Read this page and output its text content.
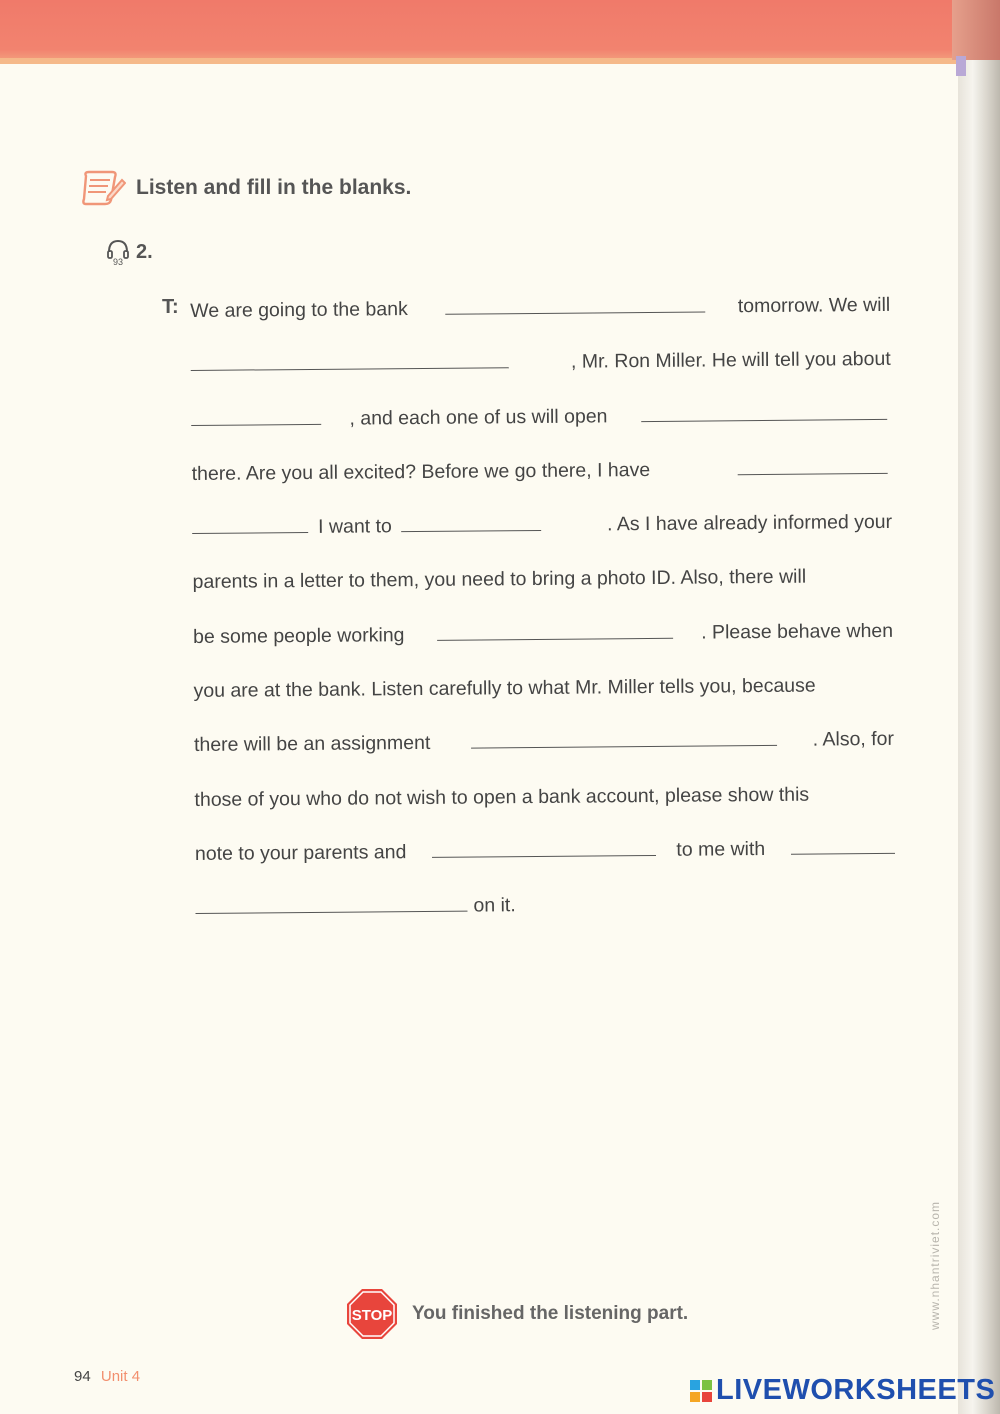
Listen and fill in the blanks.
93 2.
T: We are going to the bank	tomorrow. We will
, Mr. Ron Miller. He will tell you about
, and each one of us will open
there. Are you all excited? Before we go there, I have
I want to	. As I have already informed your
parents in a letter to them, you need to bring a photo ID. Also, there will
be some people working	. Please behave when
you are at the bank. Listen carefully to what Mr. Miller tells you, because
there will be an assignment	. Also, for
those of you who do not wish to open a bank account, please show this
note to your parents and	to me with
on it.
STOP You finished the listening part.
94 Unit 4
www.nhantriviet.com
LIVEWORKSHEETS
